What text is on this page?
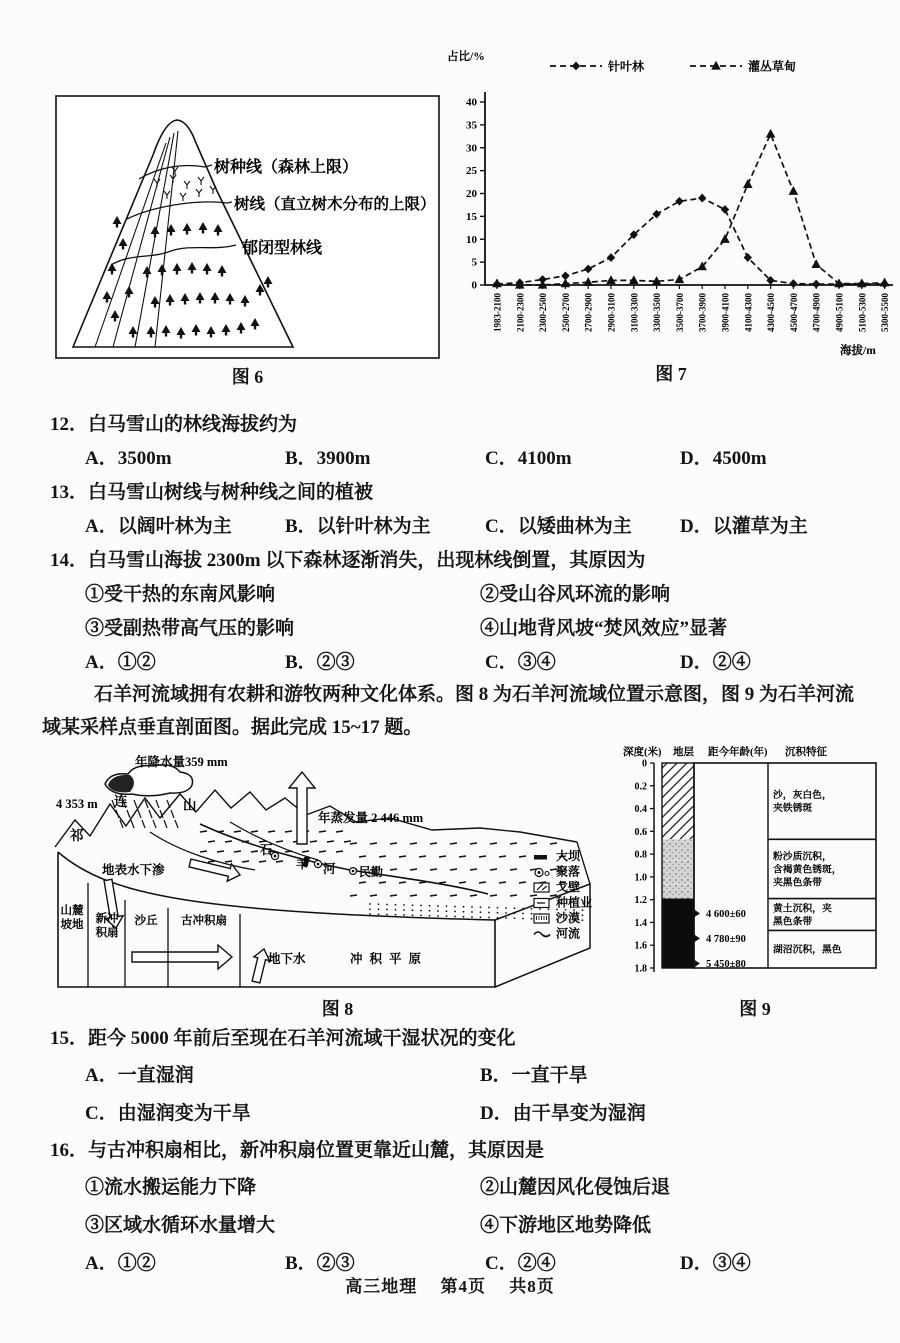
树种线（森林上限）
树线（直立树木分布的上限）
郁闭型林线
图 6
0
5
10
15
20
25
30
35
40
占比/%
海拔/m
1983-2100 2100-2300 2300-2500 2500-2700 2700-2900 2900-3100 3100-3300 3300-3500 3500-3700 3700-3900 3900-4100 4100-4300 4300-4500 4500-4700 4700-4900 4900-5100 5100-5300 5300-5500
针叶林	灌丛草甸
图 7
12． 白马雪山的林线海拔约为
A．3500m	B．3900m	C．4100m	D．4500m
13． 白马雪山树线与树种线之间的植被
A．以阔叶林为主	B．以针叶林为主	C．以矮曲林为主	D．以灌草为主
14． 白马雪山海拔 2300m 以下森林逐渐消失，出现林线倒置，其原因为
①受干热的东南风影响	②受山谷风环流的影响
③受副热带高气压的影响	④山地背风坡“焚风效应”显著
A．①②	B．②③	C．③④	D．②④
石羊河流域拥有农耕和游牧两种文化体系。图 8 为石羊河流域位置示意图，图 9 为石羊河流
域某采样点垂直剖面图。据此完成 15~17 题。
年降水量359 mm
4 353 m
年蒸发量 2 446 mm
地表水下渗
地下水	冲积平原
祁
连	山
石
羊 河 民勤
山麓
坡地 新冲
积扇
沙丘 古冲积扇
大坝
聚落
戈壁
种植业
沙漠
河流
图 8
深度(米) 地层 距今年龄(年) 沉积特征
0
0.2
0.4
0.6
0.8
1.0
1.2
1.4
1.6
1.8
沙，灰白色，
夹铁锈斑
粉沙质沉积，
含褐黄色锈斑，
夹黑色条带
黄土沉积，夹
黑色条带
湖沼沉积，黑色
4 600±60
4 780±90
5 450±80
图 9
15． 距今 5000 年前后至现在石羊河流域干湿状况的变化
A．一直湿润	B．一直干旱
C．由湿润变为干旱	D．由干旱变为湿润
16． 与古冲积扇相比，新冲积扇位置更靠近山麓，其原因是
①流水搬运能力下降	②山麓因风化侵蚀后退
③区域水循环水量增大	④下游地区地势降低
A．①②	B．②③	C．②④	D．③④
高三地理 第4页 共8页
